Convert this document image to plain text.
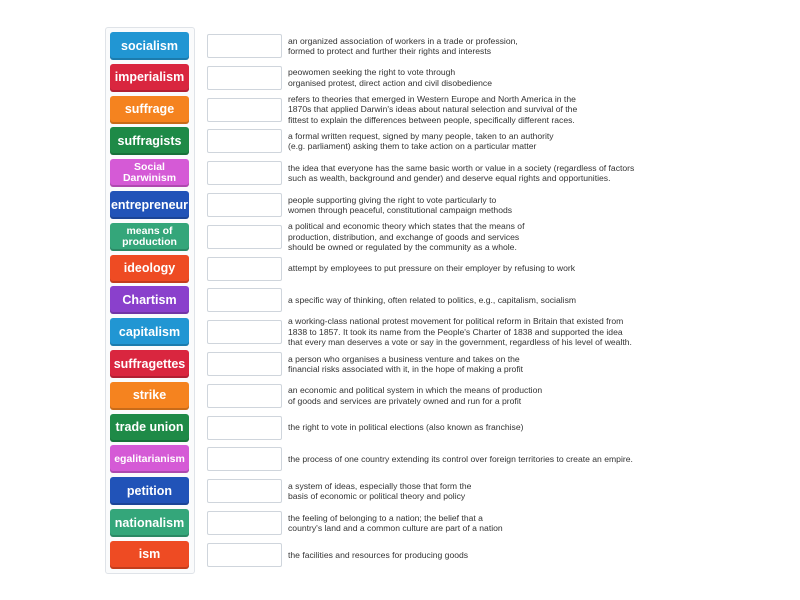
socialism
imperialism
suffrage
suffragists
Social Darwinism
entrepreneur
means of production
ideology
Chartism
capitalism
suffragettes
strike
trade union
egalitarianism
petition
nationalism
ism
an organized association of workers in a trade or profession,
formed to protect and further their rights and interests
peowomen seeking the right to vote through
organised protest, direct action and civil disobedience
refers to theories that emerged in Western Europe and North America in the
1870s that applied Darwin's ideas about natural selection and survival of the
fittest to explain the differences between people, specifically different races.
a formal written request, signed by many people, taken to an authority
(e.g. parliament) asking them to take action on a particular matter
the idea that everyone has the same basic worth or value in a society (regardless of factors
such as wealth, background and gender) and deserve equal rights and opportunities.
people supporting giving the right to vote particularly to
women through peaceful, constitutional campaign methods
a political and economic theory which states that the means of
production, distribution, and exchange of goods and services
should be owned or regulated by the community as a whole.
attempt by employees to put pressure on their employer by refusing to work
a specific way of thinking, often related to politics, e.g., capitalism, socialism
a working-class national protest movement for political reform in Britain that existed from
1838 to 1857. It took its name from the People's Charter of 1838 and supported the idea
that every man deserves a vote or say in the government, regardless of his level of wealth.
a person who organises a business venture and takes on the
financial risks associated with it, in the hope of making a profit
an economic and political system in which the means of production
of goods and services are privately owned and run for a profit
the right to vote in political elections (also known as franchise)
the process of one country extending its control over foreign territories to create an empire.
a system of ideas, especially those that form the
basis of economic or political theory and policy
the feeling of belonging to a nation; the belief that a
country's land and a common culture are part of a nation
the facilities and resources for producing goods
